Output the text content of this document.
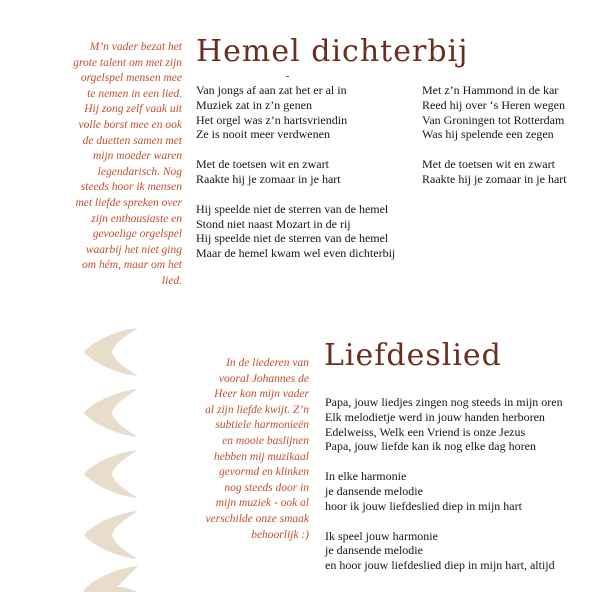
M’n vader bezat het grote talent om met zijn orgelspel mensen mee te nemen in een lied. Hij zong zelf vaak uit volle borst mee en ook de duetten samen met mijn moeder waren legendarisch. Nog steeds hoor ik mensen met liefde spreken over zijn enthousiaste en gevoelige orgelspel waarbij het niet ging om hém, maar om het lied.
Hemel dichterbij
Van jongs af aan zat het er al in
Muziek zat in z’n genen
Het orgel was z’n hartsvriendin
Ze is nooit meer verdwenen
Met de toetsen wit en zwart
Raakte hij je zomaar in je hart
Hij speelde niet de sterren van de hemel
Stond niet naast Mozart in de rij
Hij speelde niet de sterren van de hemel
Maar de hemel kwam wel even dichterbij
Met z’n Hammond in de kar
Reed hij over ‘s Heren wegen
Van Groningen tot Rotterdam
Was hij spelende een zegen
Met de toetsen wit en zwart
Raakte hij je zomaar in je hart
In de liederen van vooral Johannes de Heer kon mijn vader al zijn liefde kwijt. Z’n subtiele harmonieën en mooie baslijnen hebben mij muzikaal gevormd en klinken nog steeds door in mijn muziek - ook al verschilde onze smaak behoorlijk :)
Liefdeslied
Papa, jouw liedjes zingen nog steeds in mijn oren
Elk melodietje werd in jouw handen herboren
Edelweiss, Welk een Vriend is onze Jezus
Papa, jouw liefde kan ik nog elke dag horen
In elke harmonie
je dansende melodie
hoor ik jouw liefdeslied diep in mijn hart
Ik speel jouw harmonie
je dansende melodie
en hoor jouw liefdeslied diep in mijn hart, altijd
